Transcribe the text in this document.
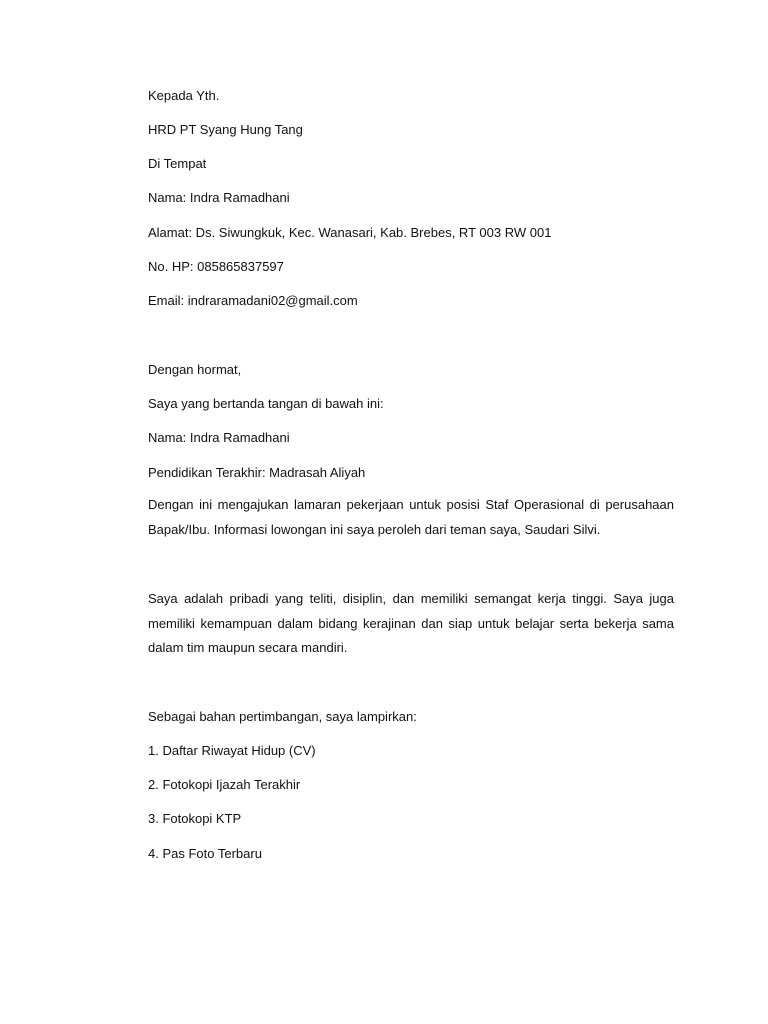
Kepada Yth.

HRD PT Syang Hung Tang

Di Tempat

Nama: Indra Ramadhani

Alamat: Ds. Siwungkuk, Kec. Wanasari, Kab. Brebes, RT 003 RW 001

No. HP: 085865837597

Email: indraramadani02@gmail.com

Dengan hormat,

Saya yang bertanda tangan di bawah ini:

Nama: Indra Ramadhani

Pendidikan Terakhir: Madrasah Aliyah

Dengan ini mengajukan lamaran pekerjaan untuk posisi Staf Operasional di perusahaan Bapak/Ibu. Informasi lowongan ini saya peroleh dari teman saya, Saudari Silvi.

Saya adalah pribadi yang teliti, disiplin, dan memiliki semangat kerja tinggi. Saya juga memiliki kemampuan dalam bidang kerajinan dan siap untuk belajar serta bekerja sama dalam tim maupun secara mandiri.

Sebagai bahan pertimbangan, saya lampirkan:

1. Daftar Riwayat Hidup (CV)

2. Fotokopi Ijazah Terakhir

3. Fotokopi KTP

4. Pas Foto Terbaru
